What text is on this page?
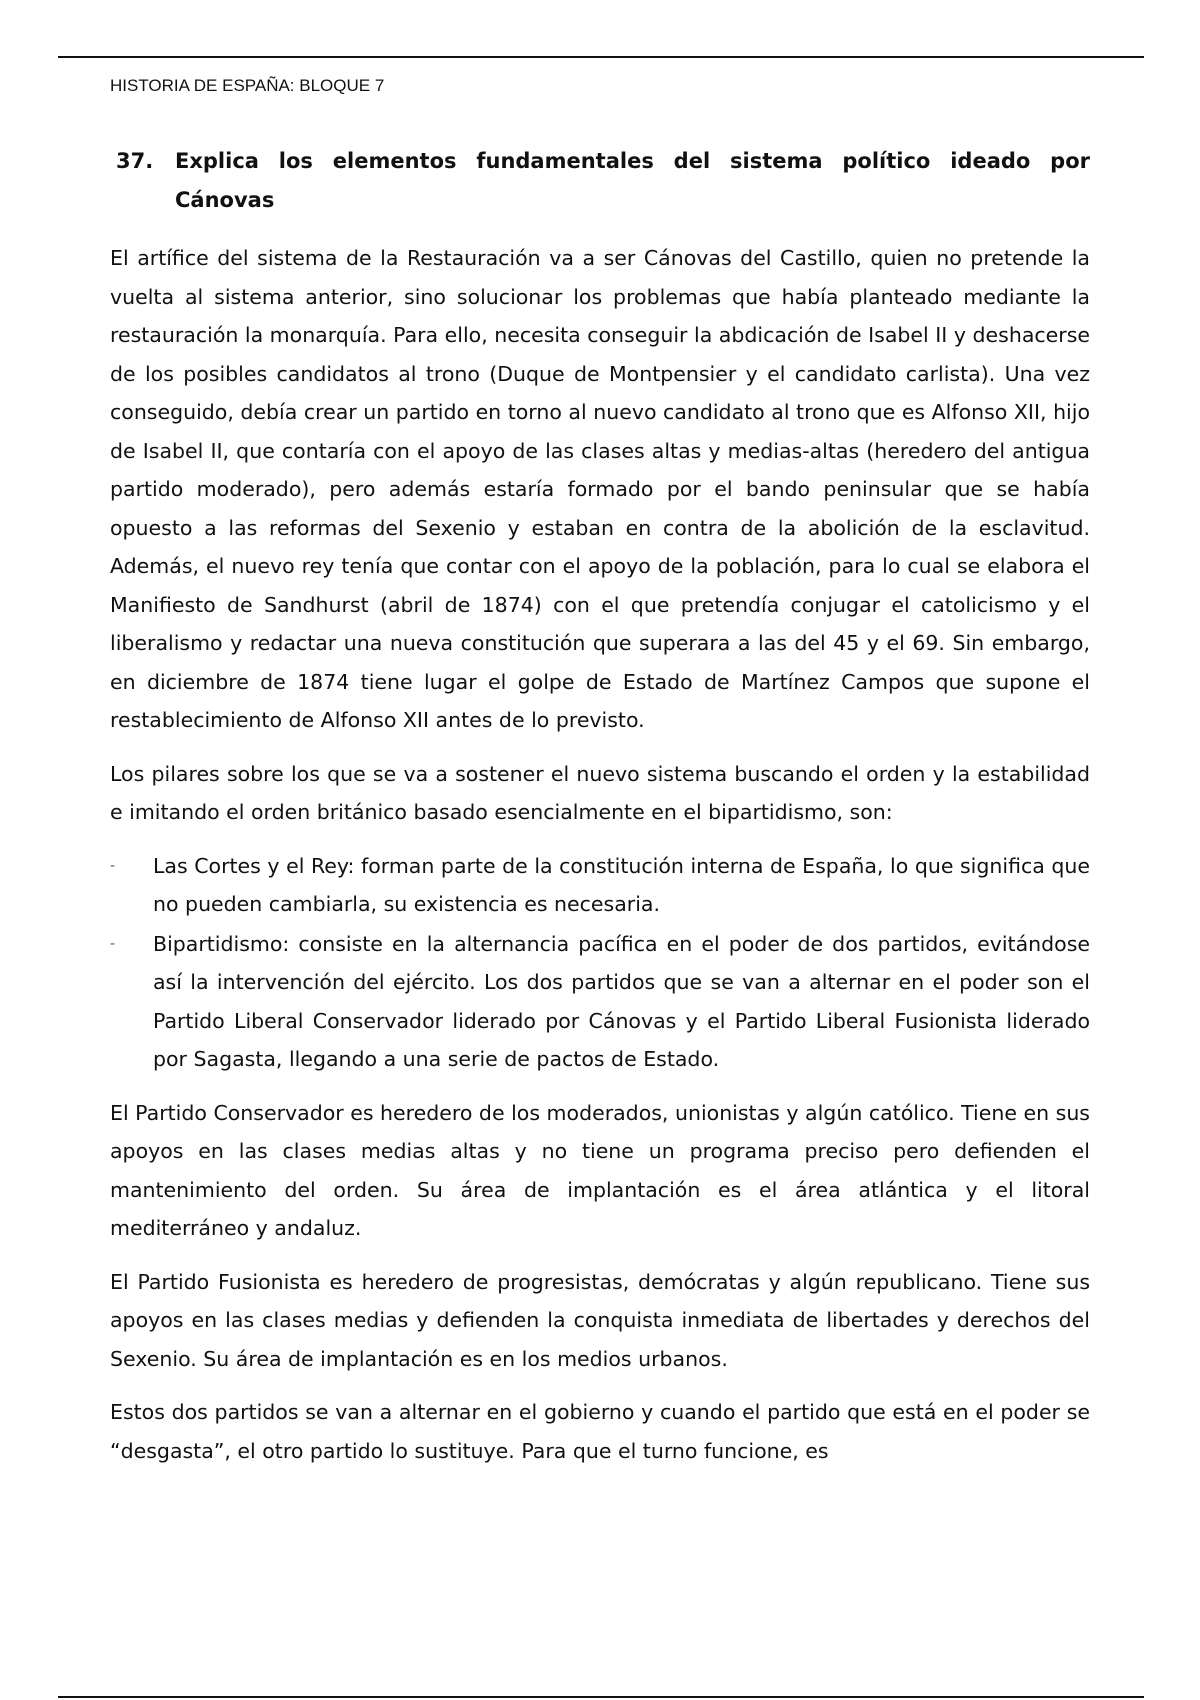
HISTORIA DE ESPAÑA: BLOQUE 7
37.	Explica los elementos fundamentales del sistema político ideado por Cánovas

El artífice del sistema de la Restauración va a ser Cánovas del Castillo, quien no pretende la vuelta al sistema anterior, sino solucionar los problemas que había planteado mediante la restauración la monarquía. Para ello, necesita conseguir la abdicación de Isabel II y deshacerse de los posibles candidatos al trono (Duque de Montpensier y el candidato carlista). Una vez conseguido, debía crear un partido en torno al nuevo candidato al trono que es Alfonso XII, hijo de Isabel II, que contaría con el apoyo de las clases altas y medias-altas (heredero del antigua partido moderado), pero además estaría formado por el bando peninsular que se había opuesto a las reformas del Sexenio y estaban en contra de la abolición de la esclavitud. Además, el nuevo rey tenía que contar con el apoyo de la población, para lo cual se elabora el Manifiesto de Sandhurst (abril de 1874) con el que pretendía conjugar el catolicismo y el liberalismo y redactar una nueva constitución que superara a las del 45 y el 69. Sin embargo, en diciembre de 1874 tiene lugar el golpe de Estado de Martínez Campos que supone el restablecimiento de Alfonso XII antes de lo previsto.

Los pilares sobre los que se va a sostener el nuevo sistema buscando el orden y la estabilidad e imitando el orden británico basado esencialmente en el bipartidismo, son:

-	Las Cortes y el Rey: forman parte de la constitución interna de España, lo que significa que no pueden cambiarla, su existencia es necesaria.
-	Bipartidismo: consiste en la alternancia pacífica en el poder de dos partidos, evitándose así la intervención del ejército. Los dos partidos que se van a alternar en el poder son el Partido Liberal Conservador liderado por Cánovas y el Partido Liberal Fusionista liderado por Sagasta, llegando a una serie de pactos de Estado.

El Partido Conservador es heredero de los moderados, unionistas y algún católico. Tiene en sus apoyos en las clases medias altas y no tiene un programa preciso pero defienden el mantenimiento del orden. Su área de implantación es el área atlántica y el litoral mediterráneo y andaluz.

El Partido Fusionista es heredero de progresistas, demócratas y algún republicano. Tiene sus apoyos en las clases medias y defienden la conquista inmediata de libertades y derechos del Sexenio. Su área de implantación es en los medios urbanos.

Estos dos partidos se van a alternar en el gobierno y cuando el partido que está en el poder se “desgasta”, el otro partido lo sustituye. Para que el turno funcione, es
